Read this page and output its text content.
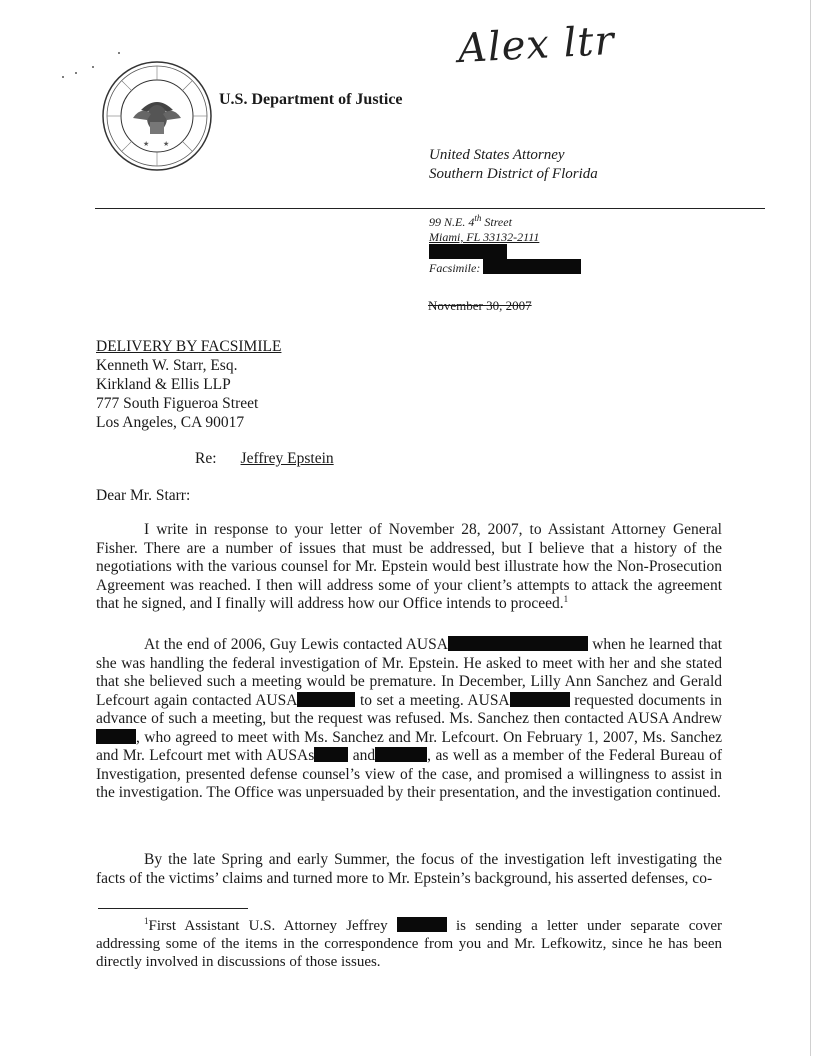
Alex ltr
★ ★
U.S. Department of Justice
United States Attorney
Southern District of Florida
99 N.E. 4th Street
Miami, FL 33132-2111
Facsimile:
November 30, 2007
DELIVERY BY FACSIMILE
Kenneth W. Starr, Esq.
Kirkland & Ellis LLP
777 South Figueroa Street
Los Angeles, CA 90017
Re: Jeffrey Epstein
Dear Mr. Starr:
I write in response to your letter of November 28, 2007, to Assistant Attorney General Fisher. There are a number of issues that must be addressed, but I believe that a history of the negotiations with the various counsel for Mr. Epstein would best illustrate how the Non-Prosecution Agreement was reached. I then will address some of your client’s attempts to attack the agreement that he signed, and I finally will address how our Office intends to proceed.$^1$
At the end of 2006, Guy Lewis contacted AUSA	when he learned that she was handling the federal investigation of Mr. Epstein. He asked to meet with her and she stated that she believed such a meeting would be premature. In December, Lilly Ann Sanchez and Gerald Lefcourt again contacted AUSA	to set a meeting. AUSA	requested documents in advance of such a meeting, but the request was refused. Ms. Sanchez then contacted AUSA Andrew, who agreed to meet with Ms. Sanchez and Mr. Lefcourt. On February 1, 2007, Ms. Sanchez and Mr. Lefcourt met with AUSAs and	, as well as a member of the Federal Bureau of Investigation, presented defense counsel’s view of the case, and promised a willingness to assist in the investigation. The Office was unpersuaded by their presentation, and the investigation continued.
By the late Spring and early Summer, the focus of the investigation left investigating the facts of the victims’ claims and turned more to Mr. Epstein’s background, his asserted defenses, co-
$^1$First Assistant U.S. Attorney Jeffrey	is sending a letter under separate cover addressing some of the items in the correspondence from you and Mr. Lefkowitz, since he has been directly involved in discussions of those issues.
